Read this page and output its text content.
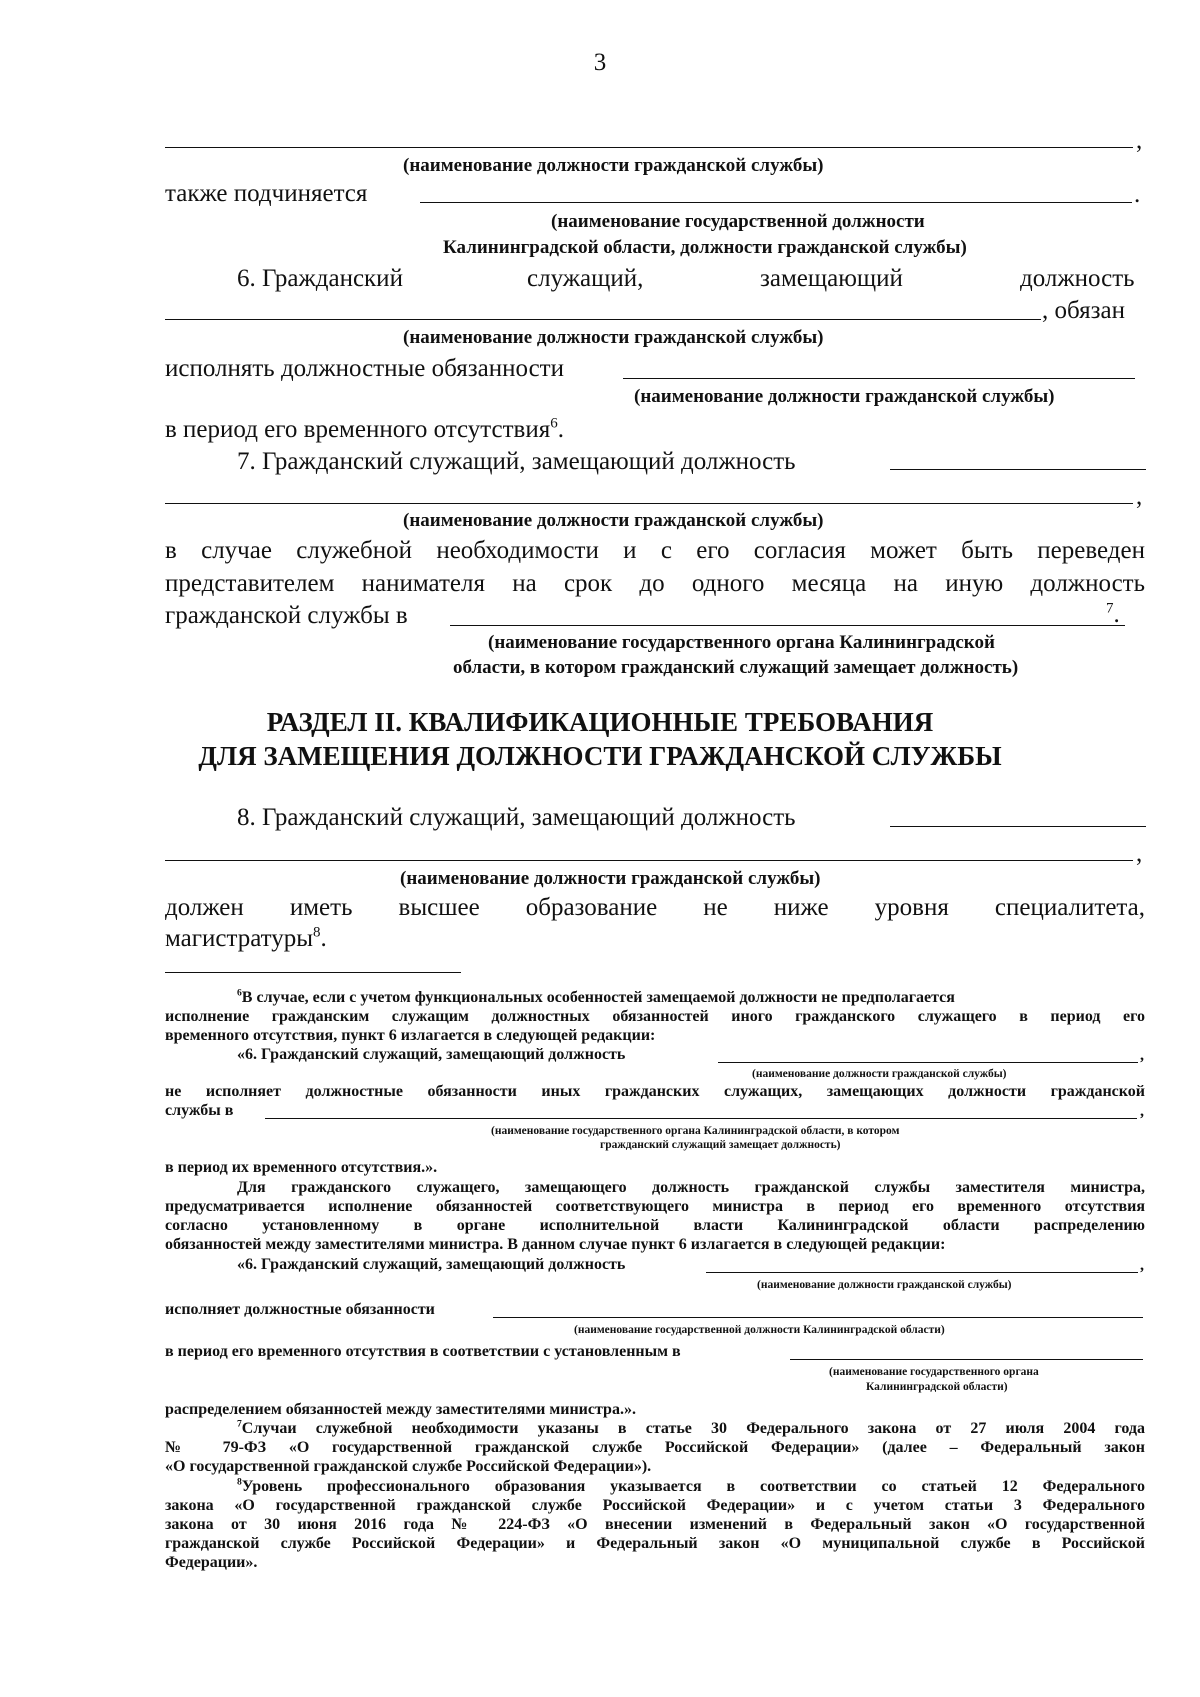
3
,
(наименование должности гражданской службы)
также подчиняется	.
(наименование государственной должности
Калининградской области, должности гражданской службы)
6. Гражданский	служащий,	замещающий	должность
, обязан
(наименование должности гражданской службы)
исполнять должностные обязанности
(наименование должности гражданской службы)
в период его временного отсутствия$^6$.
7. Гражданский служащий, замещающий должность
,
(наименование должности гражданской службы)
в случае служебной необходимости и с его согласия может быть переведен
представителем нанимателя на срок до одного месяца на иную должность
гражданской службы в	$^7$.
(наименование государственного органа Калининградской
области, в котором гражданский служащий замещает должность)
РАЗДЕЛ II. КВАЛИФИКАЦИОННЫЕ ТРЕБОВАНИЯ
ДЛЯ ЗАМЕЩЕНИЯ ДОЛЖНОСТИ ГРАЖДАНСКОЙ СЛУЖБЫ
8. Гражданский служащий, замещающий должность
,
(наименование должности гражданской службы)
должен иметь высшее образование не ниже уровня специалитета,
магистратуры$^8$.
$^6$В случае, если с учетом функциональных особенностей замещаемой должности не предполагается
исполнение гражданским служащим должностных обязанностей иного гражданского служащего в период его
временного отсутствия, пункт 6 излагается в следующей редакции:
«6. Гражданский служащий, замещающий должность	,
(наименование должности гражданской службы)
не исполняет должностные обязанности иных гражданских служащих, замещающих должности гражданской
службы в	,
(наименование государственного органа Калининградской области, в котором
гражданский служащий замещает должность)
в период их временного отсутствия.».
Для гражданского служащего, замещающего должность гражданской службы заместителя министра,
предусматривается исполнение обязанностей соответствующего министра в период его временного отсутствия
согласно установленному в органе исполнительной власти Калининградской области распределению
обязанностей между заместителями министра. В данном случае пункт 6 излагается в следующей редакции:
«6. Гражданский служащий, замещающий должность	,
(наименование должности гражданской службы)
исполняет должностные обязанности
(наименование государственной должности Калининградской области)
в период его временного отсутствия в соответствии с установленным в
(наименование государственного органа
Калининградской области)
распределением обязанностей между заместителями министра.».
$^7$Случаи служебной необходимости указаны в статье 30 Федерального закона от 27 июля 2004 года
№ 79-ФЗ «О государственной гражданской службе Российской Федерации» (далее – Федеральный закон
«О государственной гражданской службе Российской Федерации»).
$^8$Уровень профессионального образования указывается в соответствии со статьей 12 Федерального
закона «О государственной гражданской службе Российской Федерации» и с учетом статьи 3 Федерального
закона от 30 июня 2016 года № 224-ФЗ «О внесении изменений в Федеральный закон «О государственной
гражданской службе Российской Федерации» и Федеральный закон «О муниципальной службе в Российской
Федерации».
